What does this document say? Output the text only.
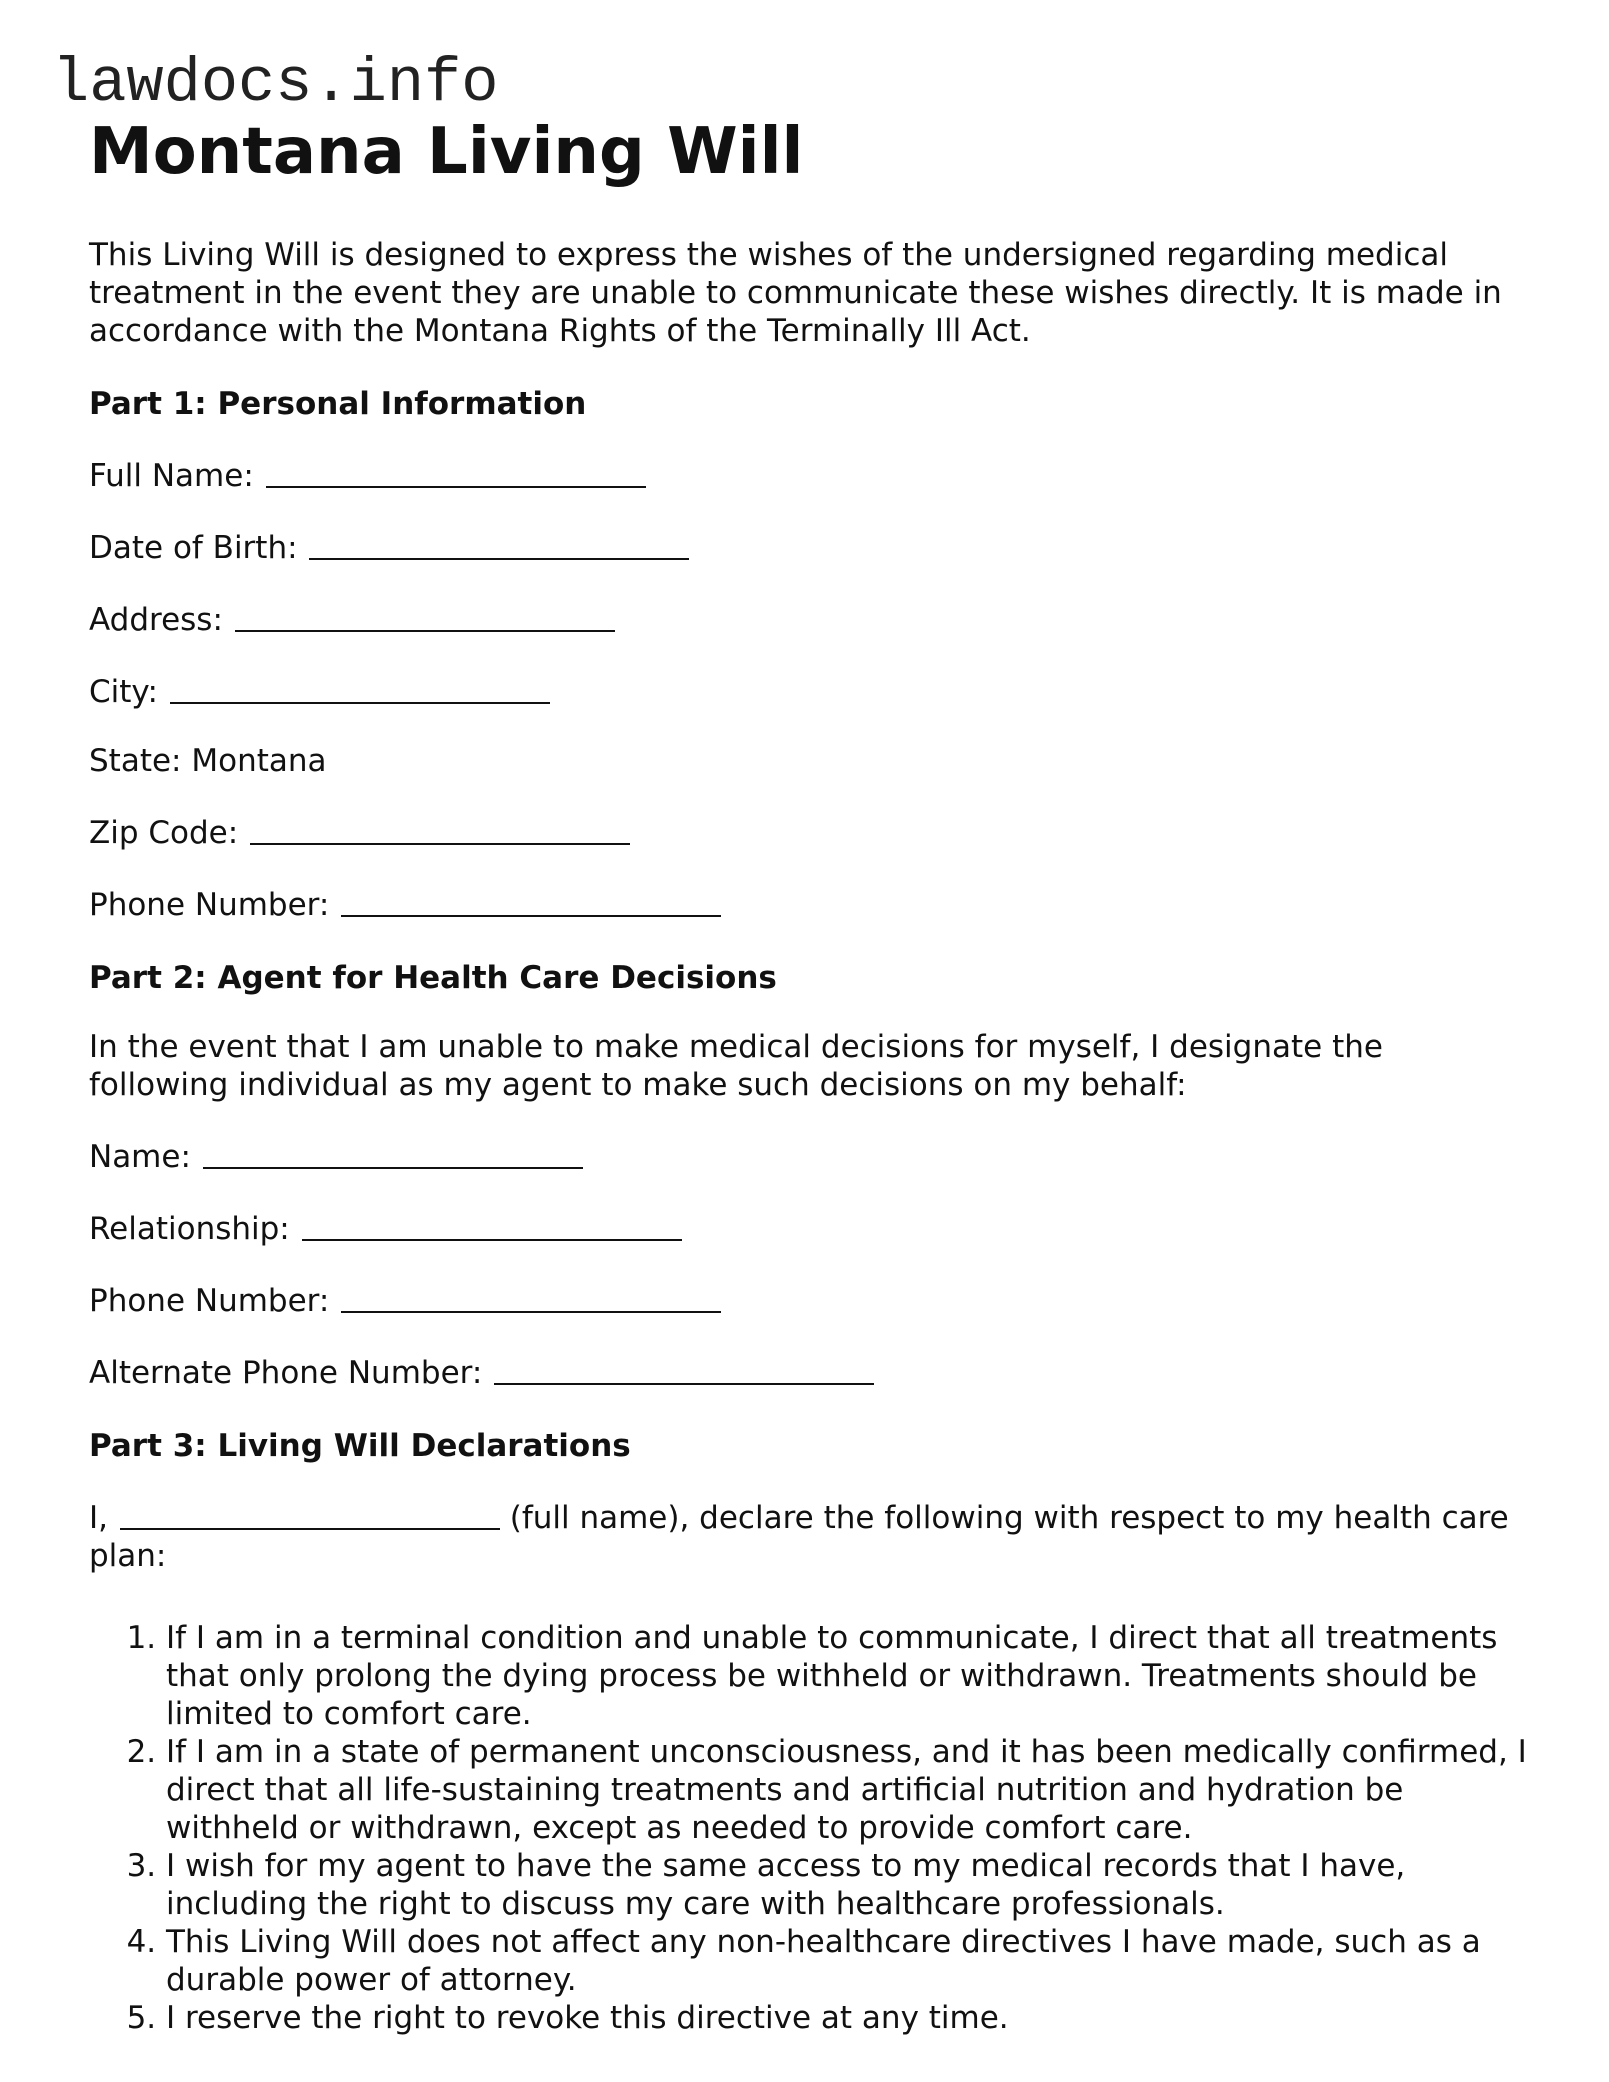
lawdocs.info
Montana Living Will

This Living Will is designed to express the wishes of the undersigned regarding medical treatment in the event they are unable to communicate these wishes directly. It is made in accordance with the Montana Rights of the Terminally Ill Act.

Part 1: Personal Information
Full Name:
Date of Birth:
Address:
City:
State: Montana
Zip Code:
Phone Number:
Part 2: Agent for Health Care Decisions

In the event that I am unable to make medical decisions for myself, I designate the following individual as my agent to make such decisions on my behalf:

Name:
Relationship:
Phone Number:
Alternate Phone Number:
Part 3: Living Will Declarations

I,	(full name), declare the following with respect to my health care plan:

1. If I am in a terminal condition and unable to communicate, I direct that all treatments that only prolong the dying process be withheld or withdrawn. Treatments should be limited to comfort care.
2. If I am in a state of permanent unconsciousness, and it has been medically confirmed, I direct that all life-sustaining treatments and artificial nutrition and hydration be withheld or withdrawn, except as needed to provide comfort care.
3. I wish for my agent to have the same access to my medical records that I have, including the right to discuss my care with healthcare professionals.
4. This Living Will does not affect any non-healthcare directives I have made, such as a durable power of attorney.
5. I reserve the right to revoke this directive at any time.
